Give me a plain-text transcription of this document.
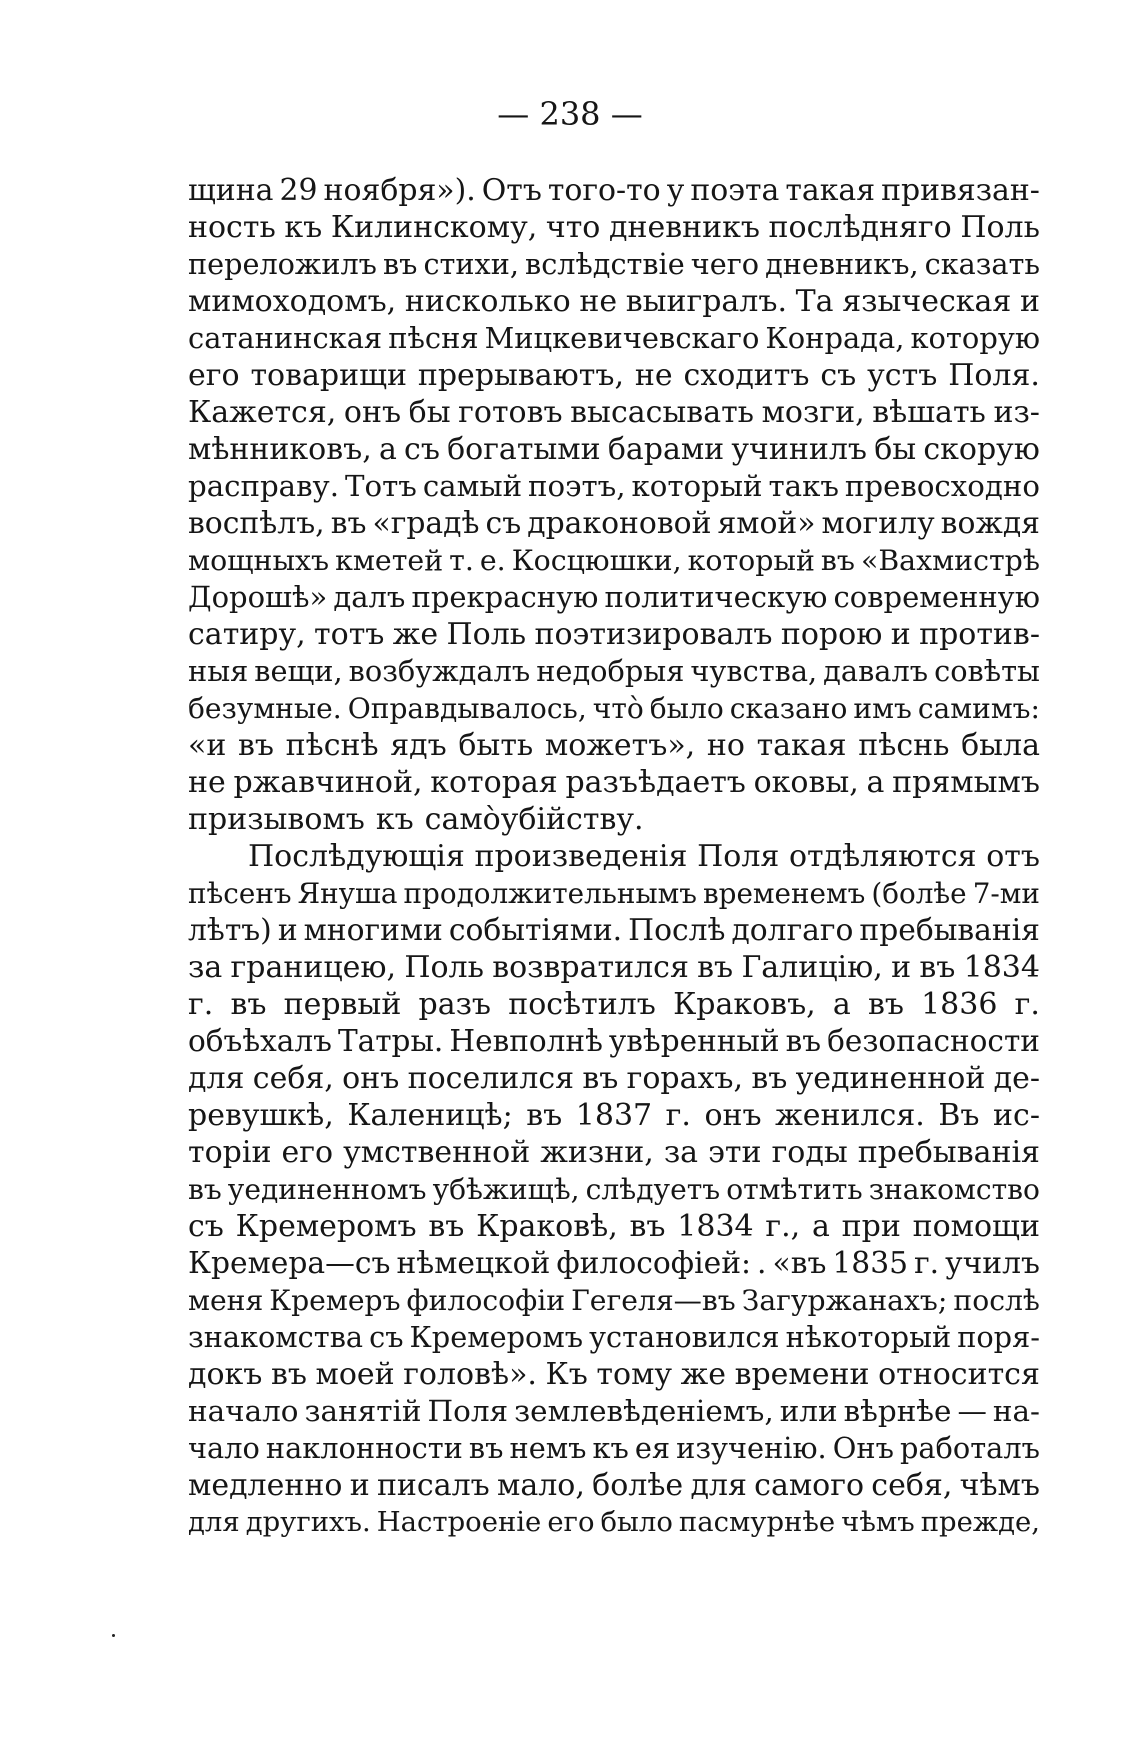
— 238 —
щина 29 ноября»). Отъ того-то у поэта такая привязан-
ность къ Килинскому, что дневникъ послѣдняго Поль
переложилъ въ стихи, вслѣдствіе чего дневникъ, сказать
мимоходомъ, нисколько не выигралъ. Та языческая и
сатанинская пѣсня Мицкевичевскаго Конрада, которую
его товарищи прерываютъ, не сходитъ съ устъ Поля.
Кажется, онъ бы готовъ высасывать мозги, вѣшать из-
мѣнниковъ, а съ богатыми барами учинилъ бы скорую
расправу. Тотъ самый поэтъ, который такъ превосходно
воспѣлъ, въ «градѣ съ драконовой ямой» могилу вождя
мощныхъ кметей т. е. Косцюшки, который въ «Вахмистрѣ
Дорошѣ» далъ прекрасную политическую современную
сатиру, тотъ же Поль поэтизировалъ порою и против-
ныя вещи, возбуждалъ недобрыя чувства, давалъ совѣты
безумные. Оправдывалось, что̀ было сказано имъ самимъ:
«и въ пѣснѣ ядъ быть можетъ», но такая пѣснь была
не ржавчиной, которая разъѣдаетъ оковы, а прямымъ
призывомъ къ само̀убійству.
Послѣдующія произведенія Поля отдѣляются отъ
пѣсенъ Януша продолжительнымъ временемъ (болѣе 7-ми
лѣтъ) и многими событіями. Послѣ долгаго пребыванія
за границею, Поль возвратился въ Галицію, и въ 1834
г. въ первый разъ посѣтилъ Краковъ, а въ 1836 г.
объѣхалъ Татры. Невполнѣ увѣренный въ безопасности
для себя, онъ поселился въ горахъ, въ уединенной де-
ревушкѣ, Каленицѣ; въ 1837 г. онъ женился. Въ ис-
торіи его умственной жизни, за эти годы пребыванія
въ уединенномъ убѣжищѣ, слѣдуетъ отмѣтить знакомство
съ Кремеромъ въ Краковѣ, въ 1834 г., а при помощи
Кремера—съ нѣмецкой философіей: . «въ 1835 г. училъ
меня Кремеръ философіи Гегеля—въ Загуржанахъ; послѣ
знакомства съ Кремеромъ установился нѣкоторый поря-
докъ въ моей головѣ». Къ тому же времени относится
начало занятій Поля землевѣденіемъ, или вѣрнѣе — на-
чало наклонности въ немъ къ ея изученію. Онъ работалъ
медленно и писалъ мало, болѣе для самого себя, чѣмъ
для другихъ. Настроеніе его было пасмурнѣе чѣмъ прежде,
